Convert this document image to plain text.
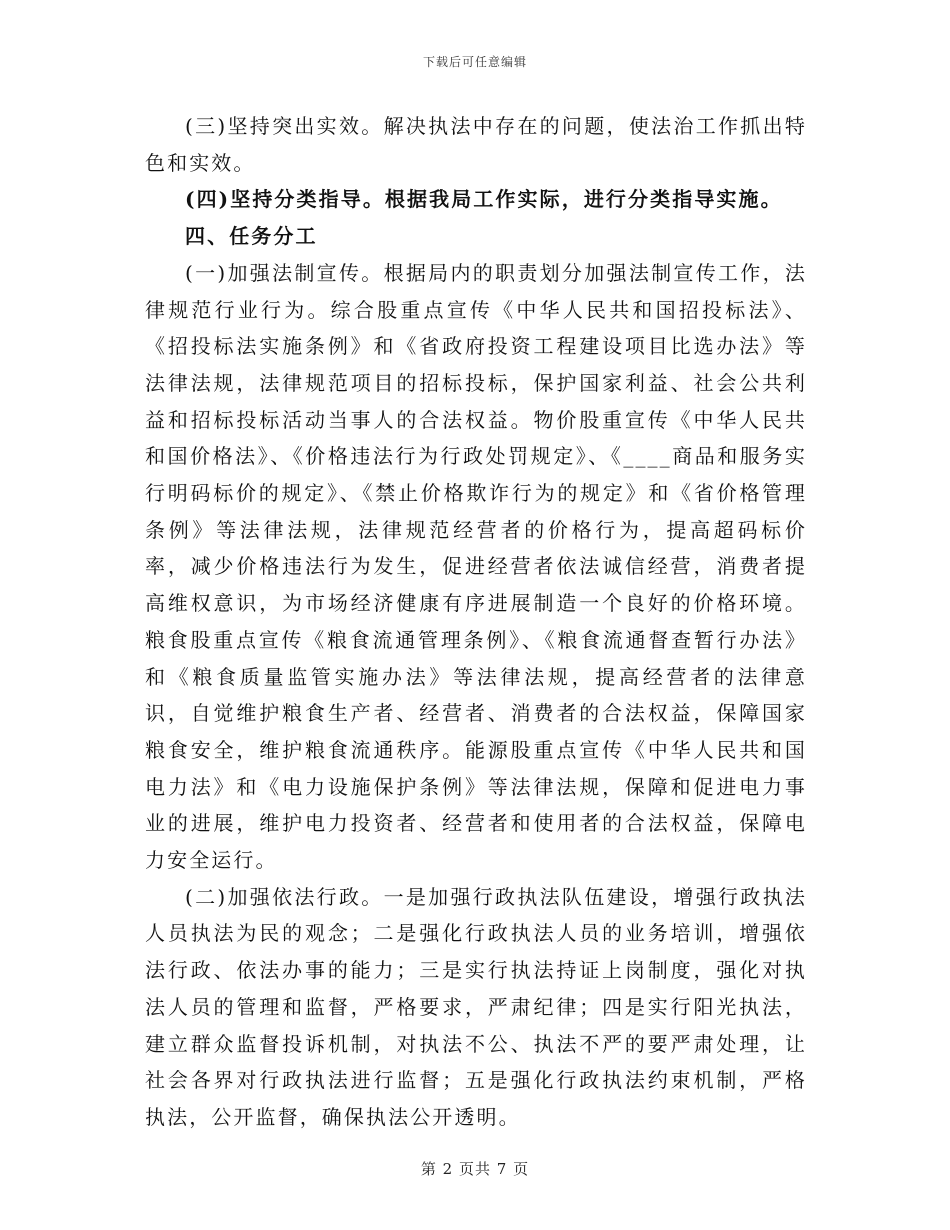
下载后可任意编辑

(三)坚持突出实效。解决执法中存在的问题，使法治工作抓出特色和实效。

(四)坚持分类指导。根据我局工作实际，进行分类指导实施。

四、任务分工

(一)加强法制宣传。根据局内的职责划分加强法制宣传工作，法律规范行业行为。综合股重点宣传《中华人民共和国招投标法》、《招投标法实施条例》和《省政府投资工程建设项目比选办法》等法律法规，法律规范项目的招标投标，保护国家利益、社会公共利益和招标投标活动当事人的合法权益。物价股重宣传《中华人民共和国价格法》、《价格违法行为行政处罚规定》、《____商品和服务实行明码标价的规定》、《禁止价格欺诈行为的规定》和《省价格管理条例》等法律法规，法律规范经营者的价格行为，提高超码标价率，减少价格违法行为发生，促进经营者依法诚信经营，消费者提高维权意识，为市场经济健康有序进展制造一个良好的价格环境。粮食股重点宣传《粮食流通管理条例》、《粮食流通督查暂行办法》和《粮食质量监管实施办法》等法律法规，提高经营者的法律意识，自觉维护粮食生产者、经营者、消费者的合法权益，保障国家粮食安全，维护粮食流通秩序。能源股重点宣传《中华人民共和国电力法》和《电力设施保护条例》等法律法规，保障和促进电力事业的进展，维护电力投资者、经营者和使用者的合法权益，保障电力安全运行。

(二)加强依法行政。一是加强行政执法队伍建设，增强行政执法人员执法为民的观念；二是强化行政执法人员的业务培训，增强依法行政、依法办事的能力；三是实行执法持证上岗制度，强化对执法人员的管理和监督，严格要求，严肃纪律；四是实行阳光执法，建立群众监督投诉机制，对执法不公、执法不严的要严肃处理，让社会各界对行政执法进行监督；五是强化行政执法约束机制，严格执法，公开监督，确保执法公开透明。

第 2 页共 7 页
